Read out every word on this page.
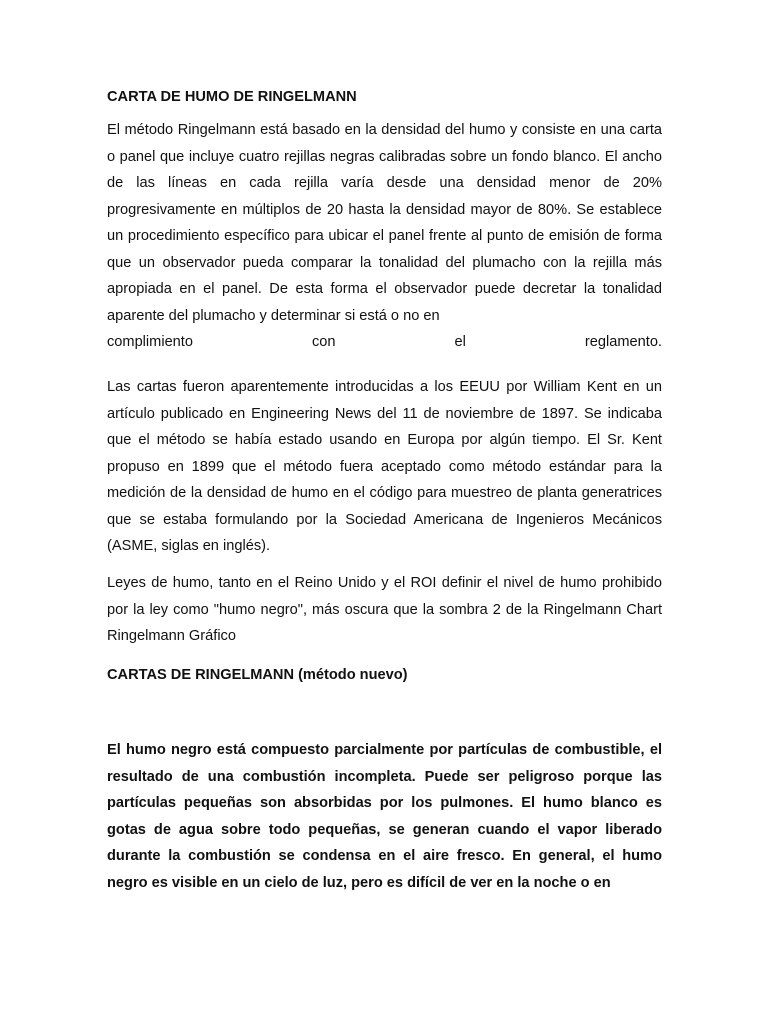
CARTA DE HUMO DE RINGELMANN
El método Ringelmann está basado en la densidad del humo y consiste en una carta o panel que incluye cuatro rejillas negras calibradas sobre un fondo blanco. El ancho de las líneas en cada rejilla varía desde una densidad menor de 20% progresivamente en múltiplos de 20 hasta la densidad mayor de 80%. Se establece un procedimiento específico para ubicar el panel frente al punto de emisión de forma que un observador pueda comparar la tonalidad del plumacho con la rejilla más apropiada en el panel. De esta forma el observador puede decretar la tonalidad aparente del plumacho y determinar si está o no en
complimiento	con	el	reglamento.
Las cartas fueron aparentemente introducidas a los EEUU por William Kent en un artículo publicado en Engineering News del 11 de noviembre de 1897. Se indicaba que el método se había estado usando en Europa por algún tiempo. El Sr. Kent propuso en 1899 que el método fuera aceptado como método estándar para la medición de la densidad de humo en el código para muestreo de planta generatrices que se estaba formulando por la Sociedad Americana de Ingenieros Mecánicos (ASME, siglas en inglés).
Leyes de humo, tanto en el Reino Unido y el ROI definir el nivel de humo prohibido por la ley como "humo negro", más oscura que la sombra 2 de la Ringelmann Chart Ringelmann Gráfico
CARTAS DE RINGELMANN (método nuevo)
El humo negro está compuesto parcialmente por partículas de combustible, el resultado de una combustión incompleta. Puede ser peligroso porque las partículas pequeñas son absorbidas por los pulmones. El humo blanco es gotas de agua sobre todo pequeñas, se generan cuando el vapor liberado durante la combustión se condensa en el aire fresco. En general, el humo negro es visible en un cielo de luz, pero es difícil de ver en la noche o en
